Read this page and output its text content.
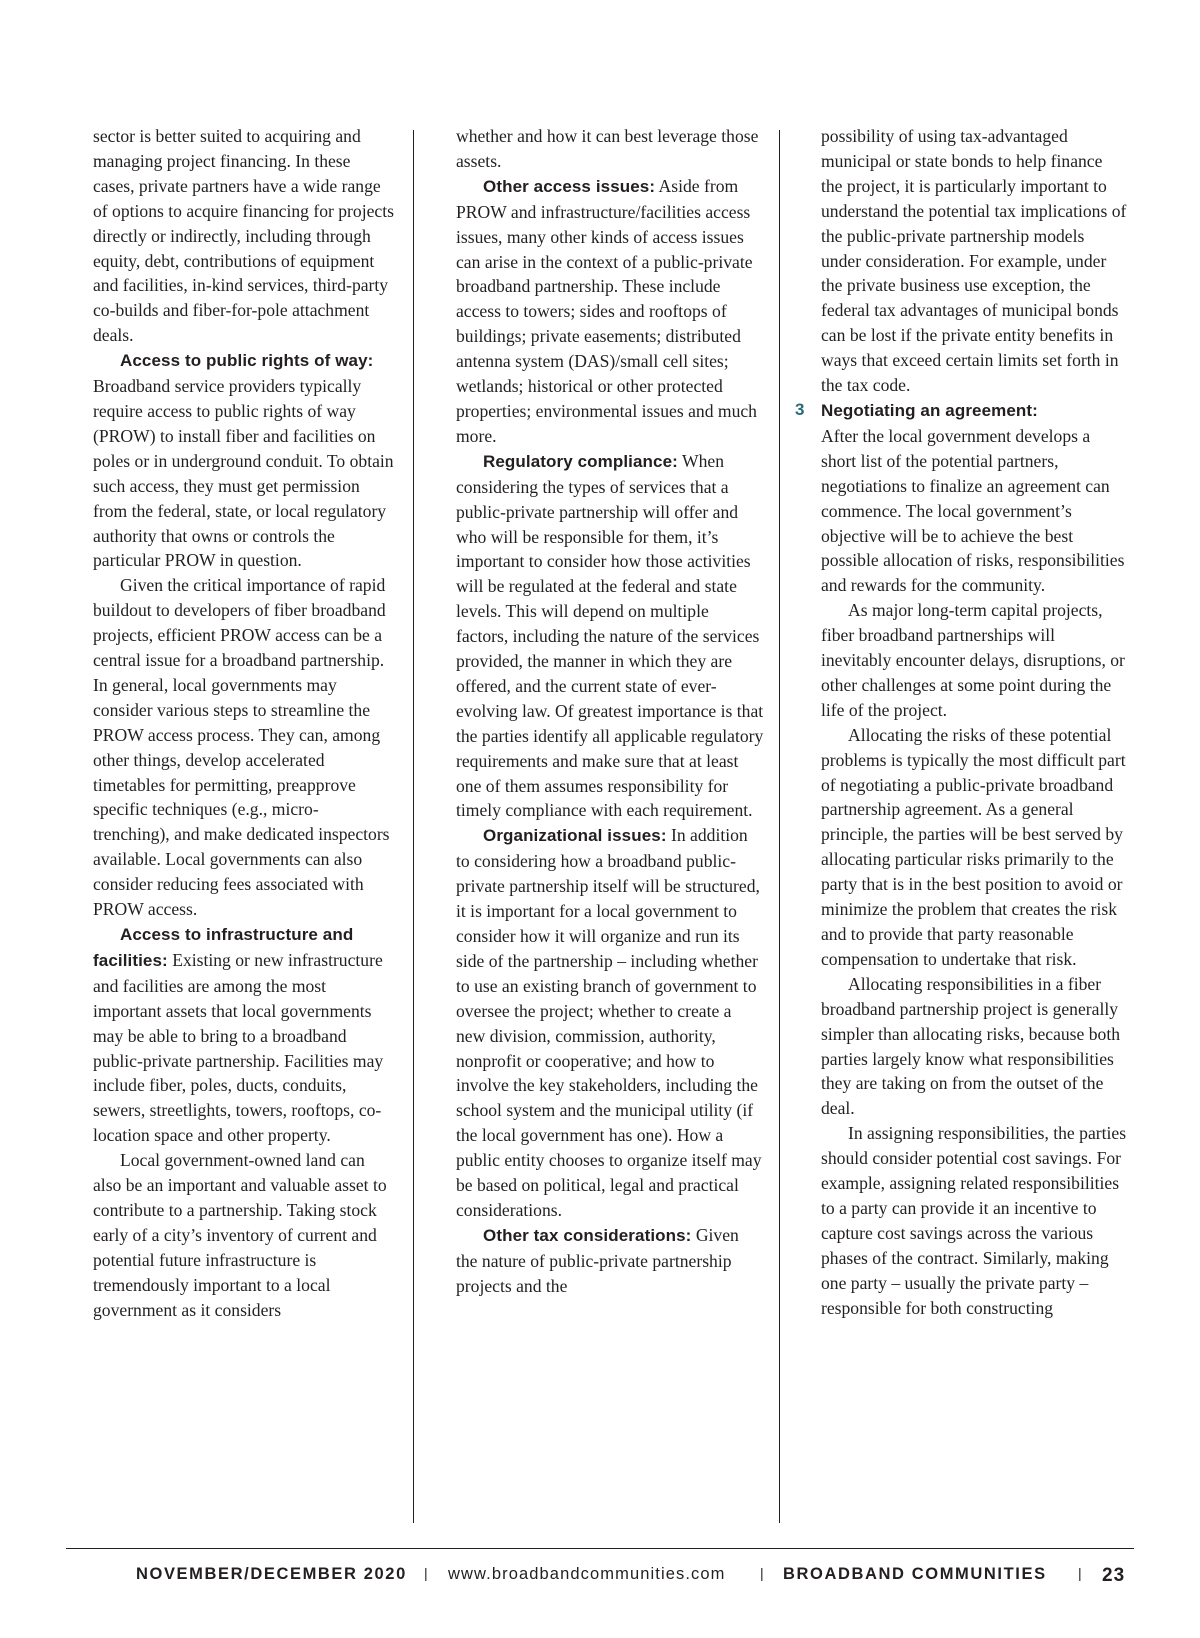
sector is better suited to acquiring and managing project financing. In these cases, private partners have a wide range of options to acquire financing for projects directly or indirectly, including through equity, debt, contributions of equipment and facilities, in-kind services, third-party co-builds and fiber-for-pole attachment deals.

Access to public rights of way: Broadband service providers typically require access to public rights of way (PROW) to install fiber and facilities on poles or in underground conduit. To obtain such access, they must get permission from the federal, state, or local regulatory authority that owns or controls the particular PROW in question.

Given the critical importance of rapid buildout to developers of fiber broadband projects, efficient PROW access can be a central issue for a broadband partnership. In general, local governments may consider various steps to streamline the PROW access process. They can, among other things, develop accelerated timetables for permitting, preapprove specific techniques (e.g., micro-trenching), and make dedicated inspectors available. Local governments can also consider reducing fees associated with PROW access.

Access to infrastructure and facilities: Existing or new infrastructure and facilities are among the most important assets that local governments may be able to bring to a broadband public-private partnership. Facilities may include fiber, poles, ducts, conduits, sewers, streetlights, towers, rooftops, co-location space and other property.

Local government-owned land can also be an important and valuable asset to contribute to a partnership. Taking stock early of a city’s inventory of current and potential future infrastructure is tremendously important to a local government as it considers

whether and how it can best leverage those assets.

Other access issues: Aside from PROW and infrastructure/facilities access issues, many other kinds of access issues can arise in the context of a public-private broadband partnership. These include access to towers; sides and rooftops of buildings; private easements; distributed antenna system (DAS)/small cell sites; wetlands; historical or other protected properties; environmental issues and much more.

Regulatory compliance: When considering the types of services that a public-private partnership will offer and who will be responsible for them, it’s important to consider how those activities will be regulated at the federal and state levels. This will depend on multiple factors, including the nature of the services provided, the manner in which they are offered, and the current state of ever-evolving law. Of greatest importance is that the parties identify all applicable regulatory requirements and make sure that at least one of them assumes responsibility for timely compliance with each requirement.

Organizational issues: In addition to considering how a broadband public-private partnership itself will be structured, it is important for a local government to consider how it will organize and run its side of the partnership – including whether to use an existing branch of government to oversee the project; whether to create a new division, commission, authority, nonprofit or cooperative; and how to involve the key stakeholders, including the school system and the municipal utility (if the local government has one). How a public entity chooses to organize itself may be based on political, legal and practical considerations.

Other tax considerations: Given the nature of public-private partnership projects and the

possibility of using tax-advantaged municipal or state bonds to help finance the project, it is particularly important to understand the potential tax implications of the public-private partnership models under consideration. For example, under the private business use exception, the federal tax advantages of municipal bonds can be lost if the private entity benefits in ways that exceed certain limits set forth in the tax code.

3 Negotiating an agreement:

After the local government develops a short list of the potential partners, negotiations to finalize an agreement can commence. The local government’s objective will be to achieve the best possible allocation of risks, responsibilities and rewards for the community.

As major long-term capital projects, fiber broadband partnerships will inevitably encounter delays, disruptions, or other challenges at some point during the life of the project.

Allocating the risks of these potential problems is typically the most difficult part of negotiating a public-private broadband partnership agreement. As a general principle, the parties will be best served by allocating particular risks primarily to the party that is in the best position to avoid or minimize the problem that creates the risk and to provide that party reasonable compensation to undertake that risk.

Allocating responsibilities in a fiber broadband partnership project is generally simpler than allocating risks, because both parties largely know what responsibilities they are taking on from the outset of the deal.

In assigning responsibilities, the parties should consider potential cost savings. For example, assigning related responsibilities to a party can provide it an incentive to capture cost savings across the various phases of the contract. Similarly, making one party – usually the private party – responsible for both constructing

NOVEMBER/DECEMBER 2020 | www.broadbandcommunities.com | BROADBAND COMMUNITIES | 23
